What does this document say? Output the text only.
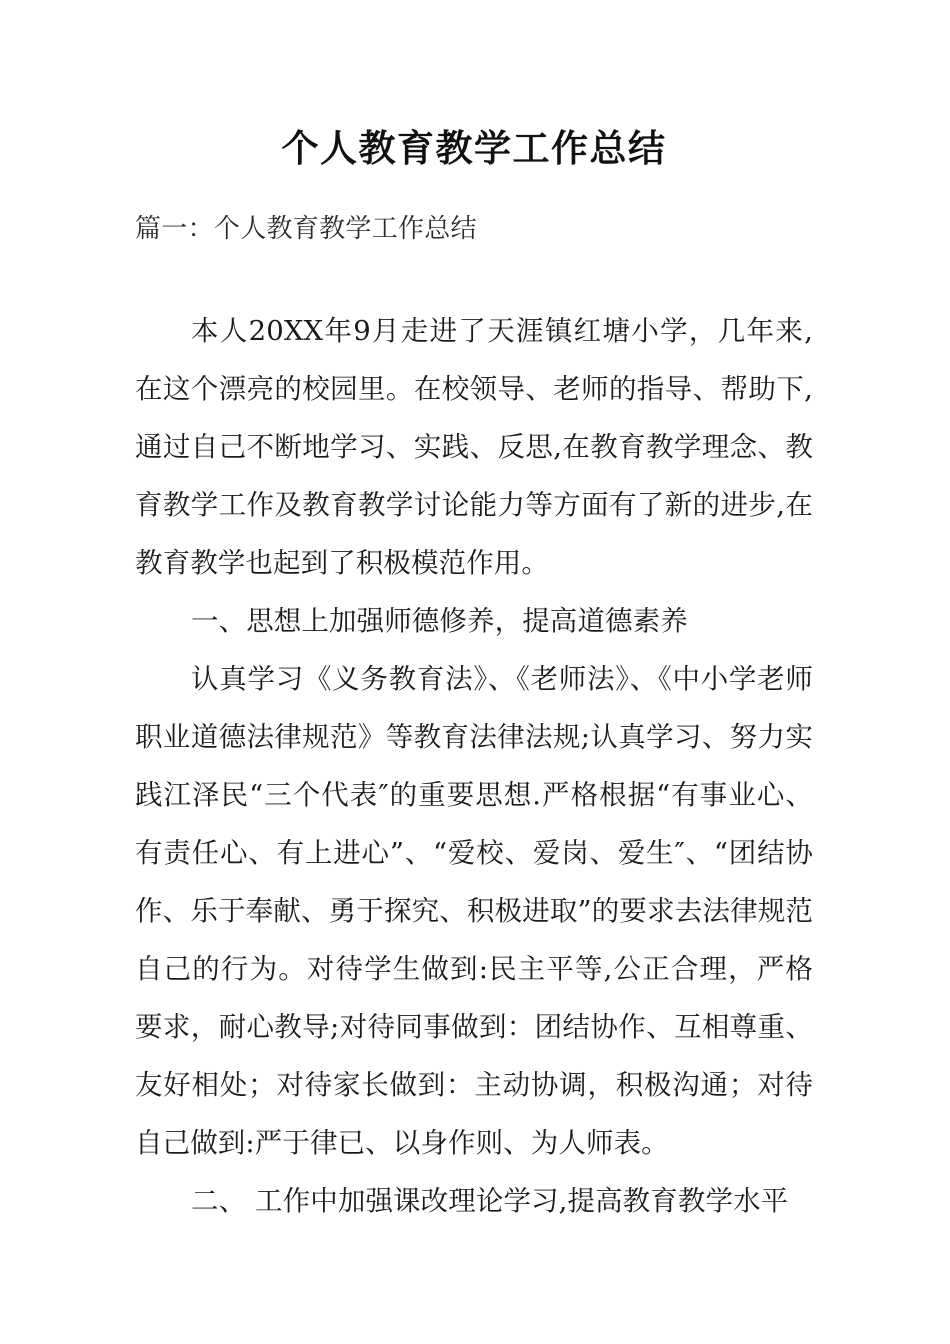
个人教育教学工作总结

篇一：个人教育教学工作总结

本人20XX年9月走进了天涯镇红塘小学，几年来,在这个漂亮的校园里。在校领导、老师的指导、帮助下,通过自己不断地学习、实践、反思,在教育教学理念、教育教学工作及教育教学讨论能力等方面有了新的进步,在教育教学也起到了积极模范作用。

一、思想上加强师德修养，提高道德素养

认真学习《义务教育法》、《老师法》、《中小学老师职业道德法律规范》等教育法律法规;认真学习、努力实践江泽民“三个代表″的重要思想.严格根据“有事业心、有责任心、有上进心”、“爱校、爱岗、爱生″、“团结协作、乐于奉献、勇于探究、积极进取”的要求去法律规范自己的行为。对待学生做到:民主平等,公正合理，严格要求，耐心教导;对待同事做到：团结协作、互相尊重、友好相处；对待家长做到：主动协调，积极沟通；对待自己做到:严于律已、以身作则、为人师表。

二、 工作中加强课改理论学习,提高教育教学水平
